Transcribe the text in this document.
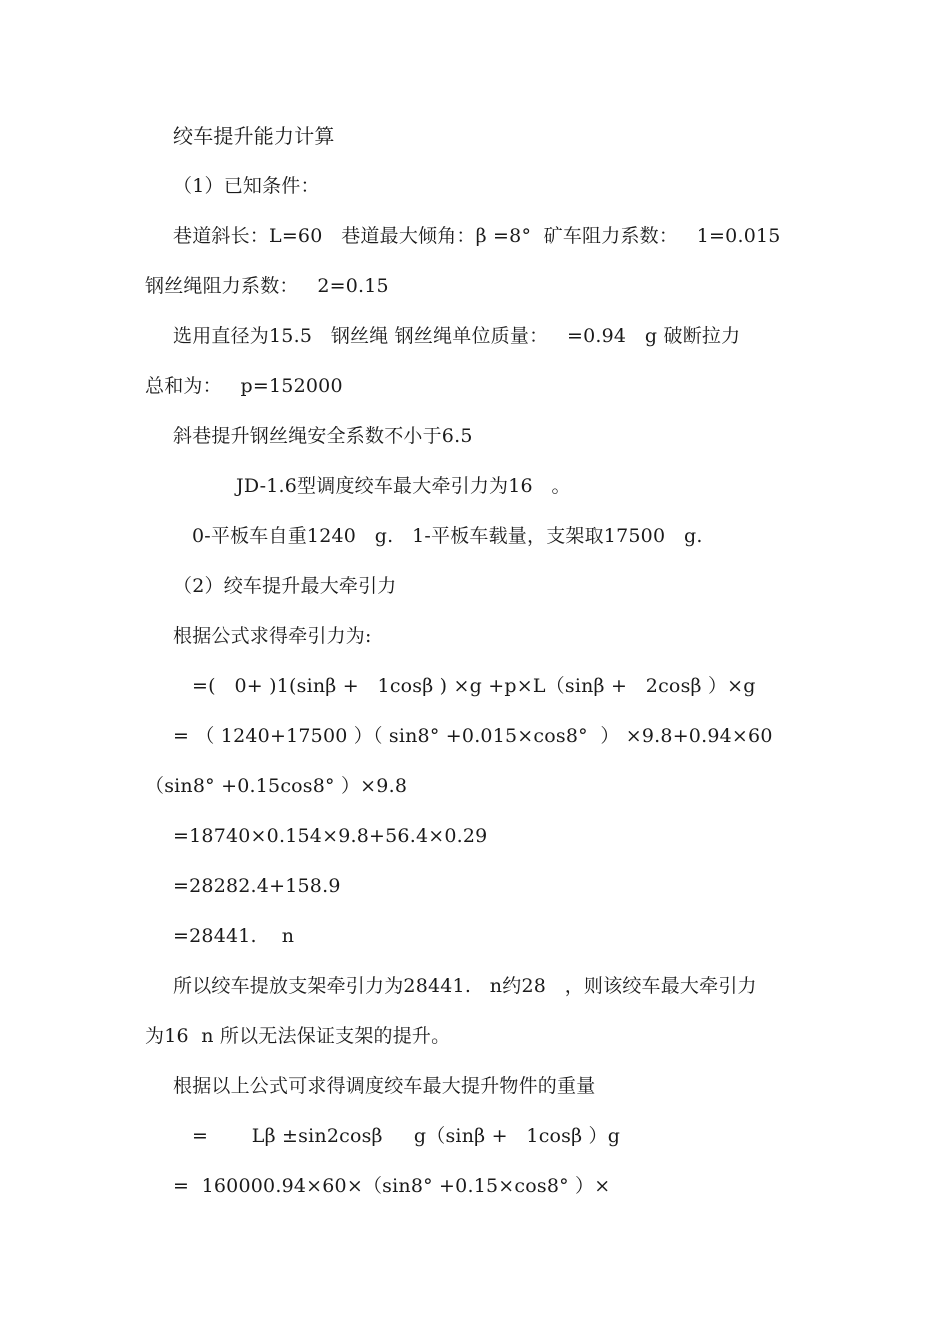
绞车提升能力计算
（1）已知条件：
巷道斜长：L=60   巷道最大倾角：β =8°  矿车阻力系数：   1=0.015
钢丝绳阻力系数：   2=0.15
选用直径为15.5   钢丝绳 钢丝绳单位质量：   =0.94   g 破断拉力
总和为：   p=152000
斜巷提升钢丝绳安全系数不小于6.5
JD-1.6型调度绞车最大牵引力为16   。
0-平板车自重1240   g.   1-平板车载量，支架取17500   g.
（2）绞车提升最大牵引力
根据公式求得牵引力为:
=(   0+ )1(sinβ +   1cosβ ) ×g +p×L（sinβ +   2cosβ ）×g
= （ 1240+17500 ）（ sin8° +0.015×cos8°  ） ×9.8+0.94×60
（sin8° +0.15cos8° ）×9.8
=18740×0.154×9.8+56.4×0.29
=28282.4+158.9
=28441.    n
所以绞车提放支架牵引力为28441.   n约28   ，则该绞车最大牵引力
为16  n 所以无法保证支架的提升。
根据以上公式可求得调度绞车最大提升物件的重量
=       Lβ ±sin2cosβ     g（sinβ +   1cosβ ）g
=  160000.94×60×（sin8° +0.15×cos8° ）×
